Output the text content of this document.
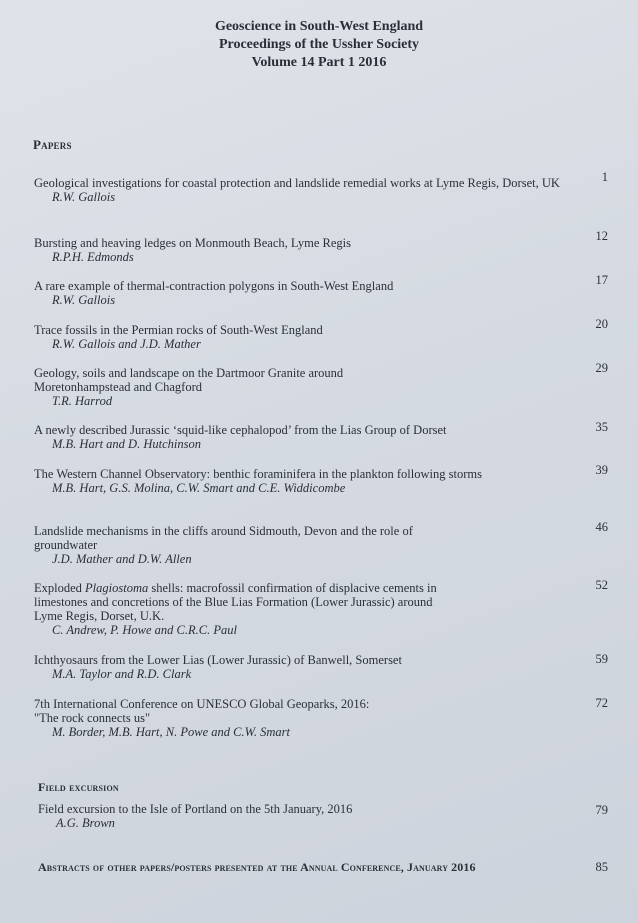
Geoscience in South-West England
Proceedings of the Ussher Society
Volume 14 Part 1 2016
Papers
Geological investigations for coastal protection and landslide remedial works at Lyme Regis, Dorset, UK
R.W. Gallois
1
Bursting and heaving ledges on Monmouth Beach, Lyme Regis
R.P.H. Edmonds
12
A rare example of thermal-contraction polygons in South-West England
R.W. Gallois
17
Trace fossils in the Permian rocks of South-West England
R.W. Gallois and J.D. Mather
20
Geology, soils and landscape on the Dartmoor Granite around Moretonhampstead and Chagford
T.R. Harrod
29
A newly described Jurassic ‘squid-like cephalopod’ from the Lias Group of Dorset
M.B. Hart and D. Hutchinson
35
The Western Channel Observatory: benthic foraminifera in the plankton following storms
M.B. Hart, G.S. Molina, C.W. Smart and C.E. Widdicombe
39
Landslide mechanisms in the cliffs around Sidmouth, Devon and the role of groundwater
J.D. Mather and D.W. Allen
46
Exploded Plagiostoma shells: macrofossil confirmation of displacive cements in limestones and concretions of the Blue Lias Formation (Lower Jurassic) around Lyme Regis, Dorset, U.K.
C. Andrew, P. Howe and C.R.C. Paul
52
Ichthyosaurs from the Lower Lias (Lower Jurassic) of Banwell, Somerset
M.A. Taylor and R.D. Clark
59
7th International Conference on UNESCO Global Geoparks, 2016:
"The rock connects us"
M. Border, M.B. Hart, N. Powe and C.W. Smart
72
Field excursion
Field excursion to the Isle of Portland on the 5th January, 2016
A.G. Brown
79
Abstracts of other papers/posters presented at the Annual Conference, January 2016	85
